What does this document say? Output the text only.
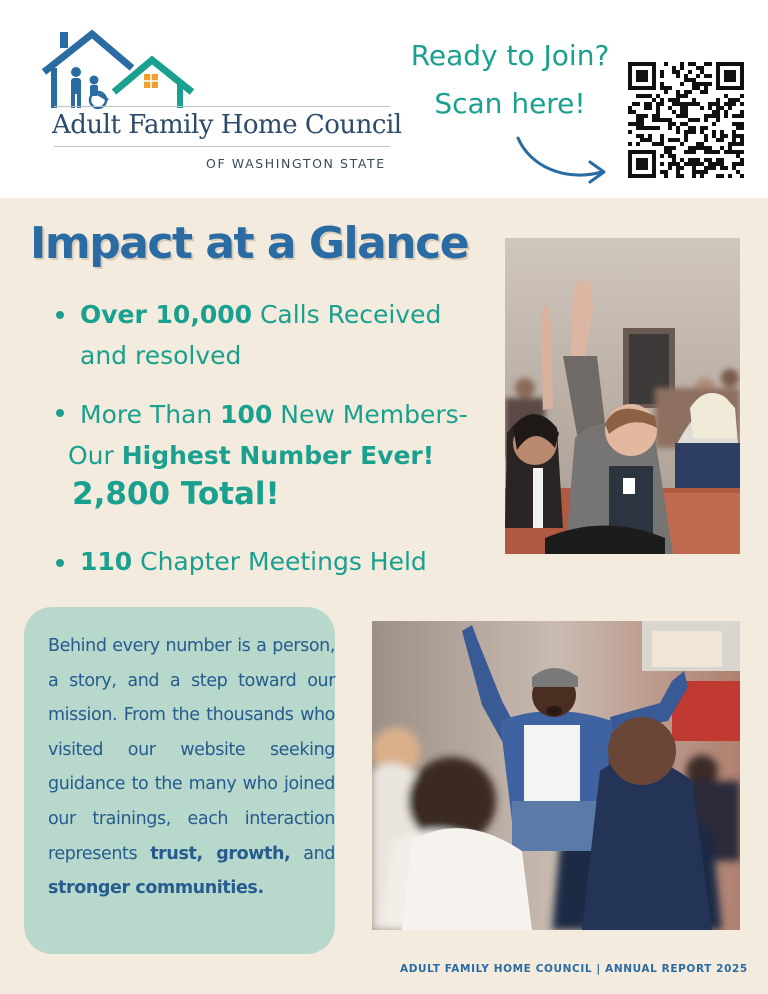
Adult Family Home Council
OF WASHINGTON STATE
Ready to Join?
Scan here!
Impact at a Glance
Over 10,000 Calls Received
and resolved
More Than 100 New Members-
Our Highest Number Ever!
2,800 Total!
110 Chapter Meetings Held
Behind every number is a person, a story, and a step toward our mission. From the thousands who visited our website seeking guidance to the many who joined our trainings, each interaction represents trust, growth, and stronger communities.
ADULT FAMILY HOME COUNCIL | ANNUAL REPORT 2025
